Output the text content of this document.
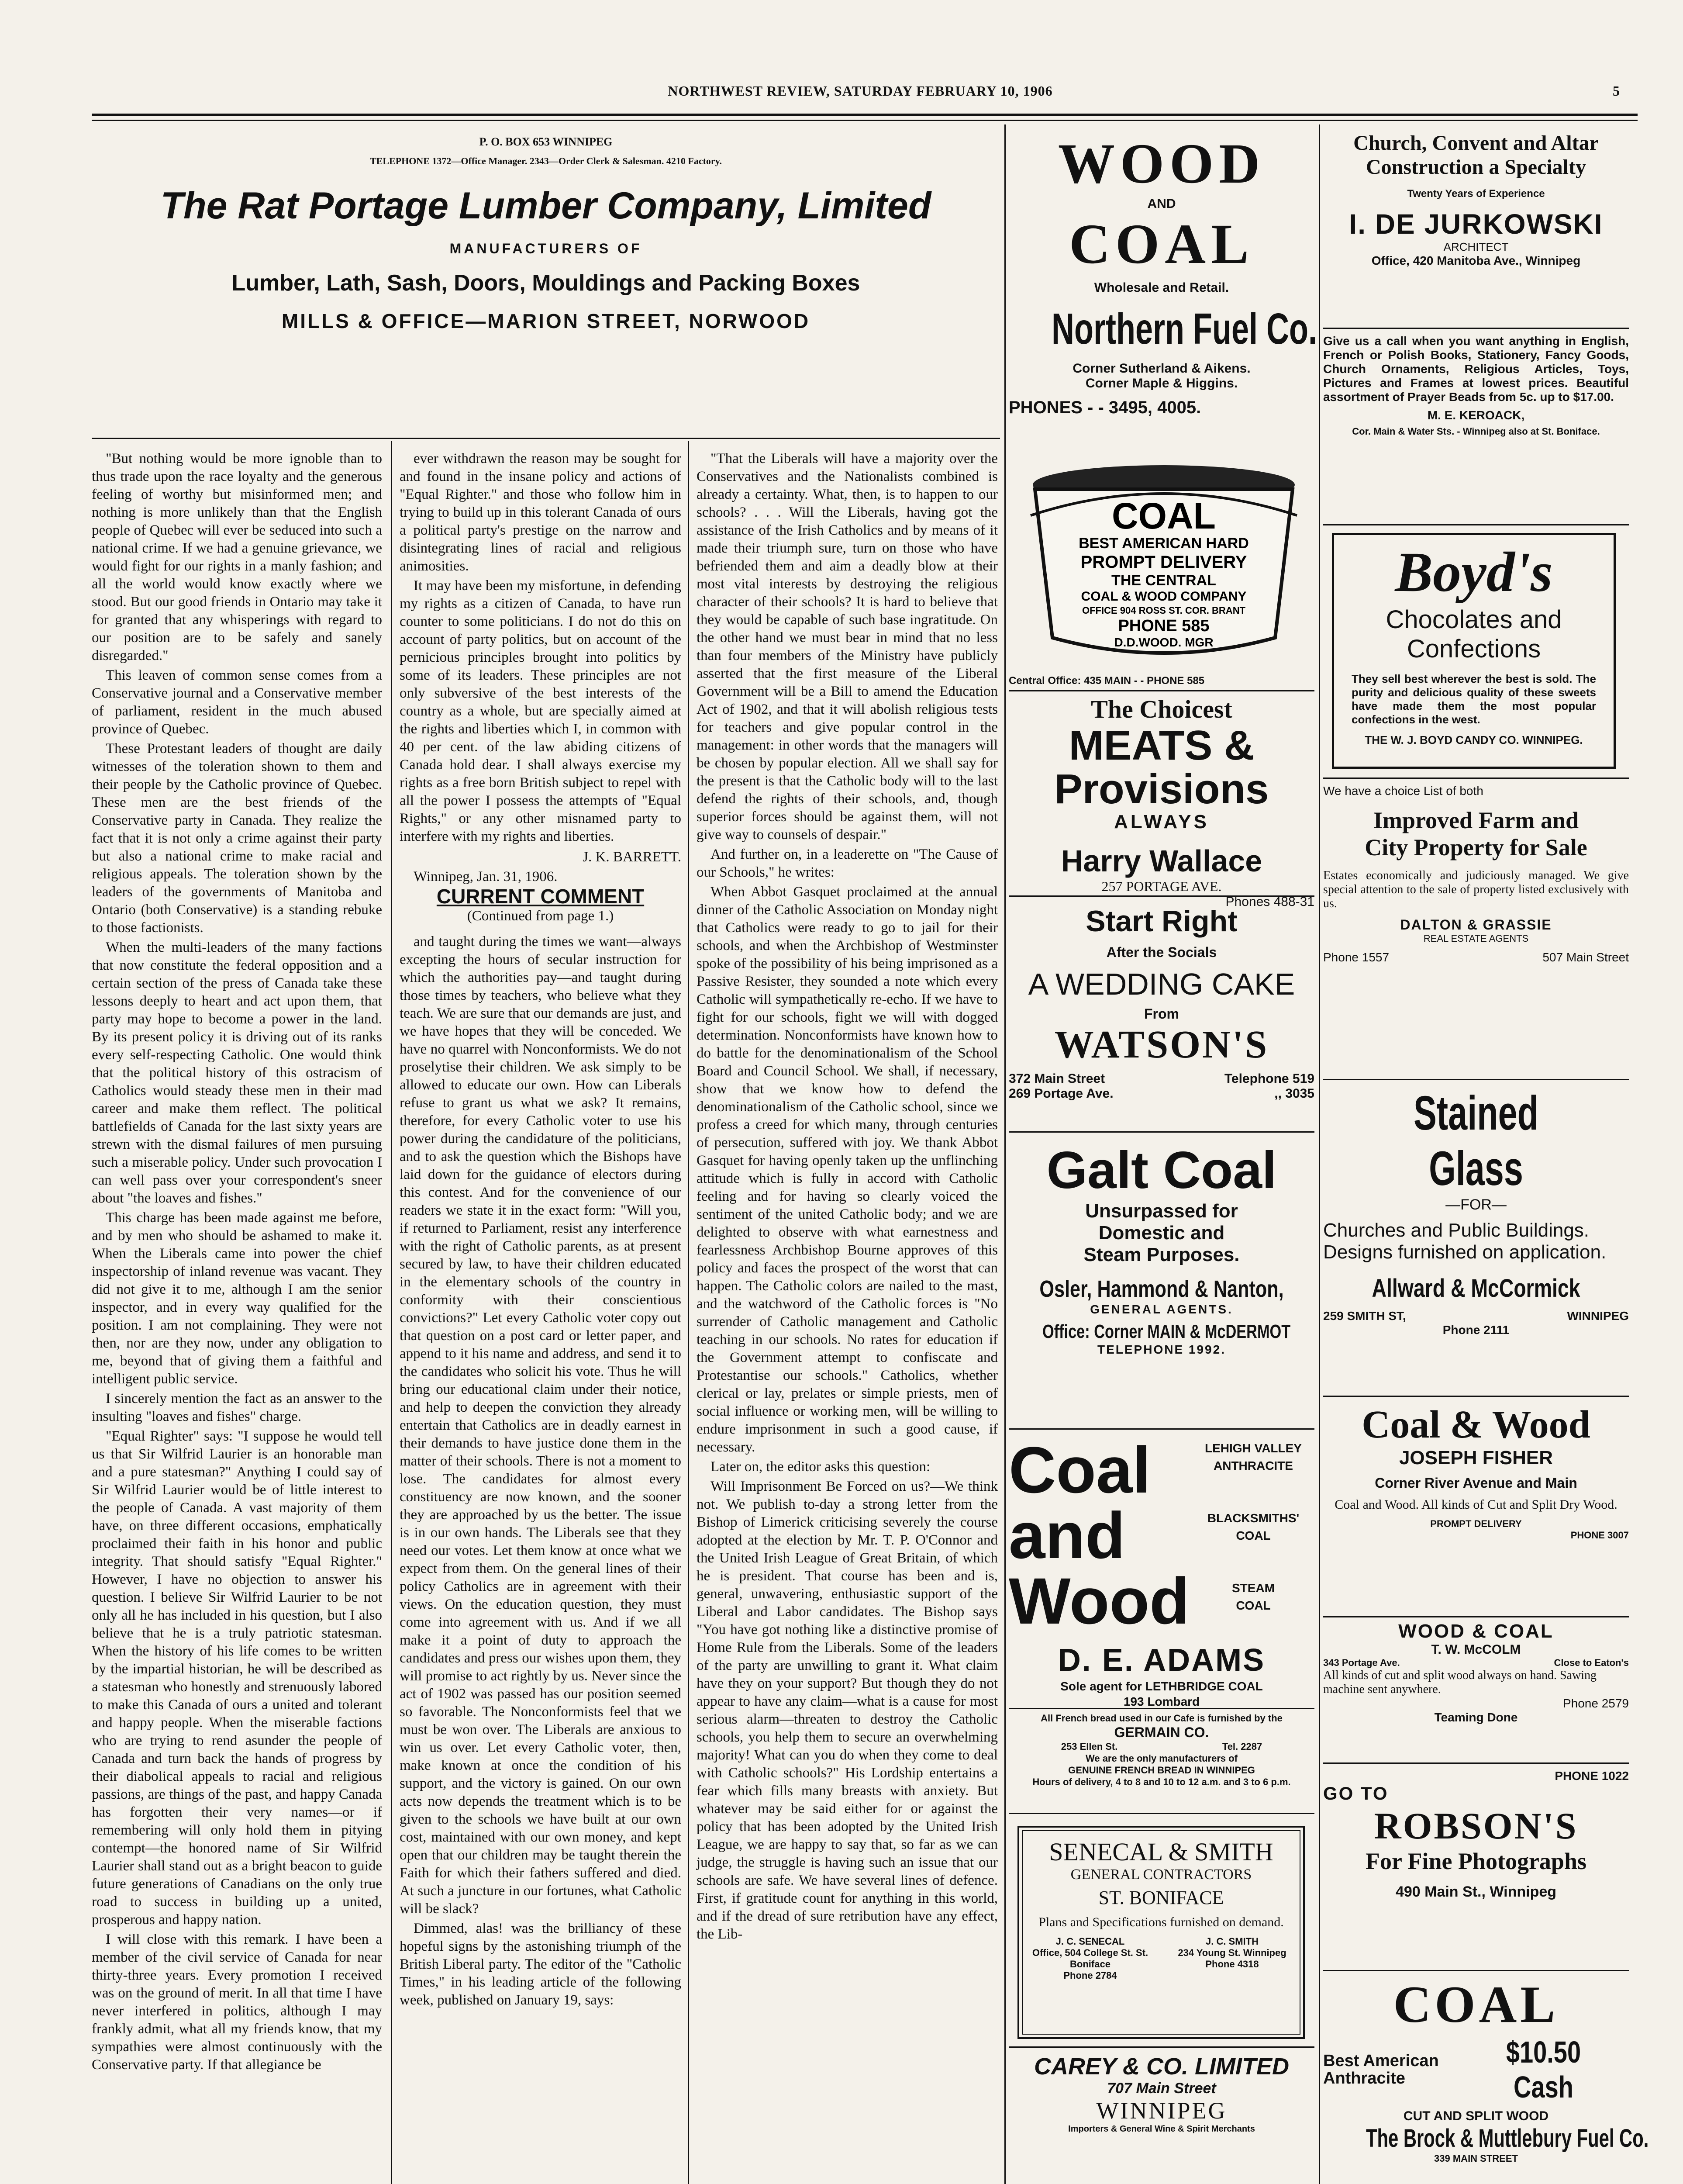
NORTHWEST REVIEW, SATURDAY FEBRUARY 10, 1906	5
P. O. BOX 653 WINNIPEG
TELEPHONE 1372—Office Manager. 2343—Order Clerk & Salesman. 4210 Factory.
The Rat Portage Lumber Company, Limited
MANUFACTURERS OF
Lumber, Lath, Sash, Doors, Mouldings and Packing Boxes
MILLS & OFFICE—MARION STREET, NORWOOD

"But nothing would be more ignoble than to thus trade upon the race loyalty and the generous feeling of worthy but misinformed men; and nothing is more unlikely than that the English people of Quebec will ever be seduced into such a national crime. If we had a genuine grievance, we would fight for our rights in a manly fashion; and all the world would know exactly where we stood. But our good friends in Ontario may take it for granted that any whisperings with regard to our position are to be safely and sanely disregarded."

This leaven of common sense comes from a Conservative journal and a Conservative member of parliament, resident in the much abused province of Quebec.

These Protestant leaders of thought are daily witnesses of the toleration shown to them and their people by the Catholic province of Quebec. These men are the best friends of the Conservative party in Canada. They realize the fact that it is not only a crime against their party but also a national crime to make racial and religious appeals. The toleration shown by the leaders of the governments of Manitoba and Ontario (both Conservative) is a standing rebuke to those factionists.

When the multi-leaders of the many factions that now constitute the federal opposition and a certain section of the press of Canada take these lessons deeply to heart and act upon them, that party may hope to become a power in the land. By its present policy it is driving out of its ranks every self-respecting Catholic. One would think that the political history of this ostracism of Catholics would steady these men in their mad career and make them reflect. The political battlefields of Canada for the last sixty years are strewn with the dismal failures of men pursuing such a miserable policy. Under such provocation I can well pass over your correspondent's sneer about "the loaves and fishes."

This charge has been made against me before, and by men who should be ashamed to make it. When the Liberals came into power the chief inspectorship of inland revenue was vacant. They did not give it to me, although I am the senior inspector, and in every way qualified for the position. I am not complaining. They were not then, nor are they now, under any obligation to me, beyond that of giving them a faithful and intelligent public service.

I sincerely mention the fact as an answer to the insulting "loaves and fishes" charge.

"Equal Righter" says: "I suppose he would tell us that Sir Wilfrid Laurier is an honorable man and a pure statesman?" Anything I could say of Sir Wilfrid Laurier would be of little interest to the people of Canada. A vast majority of them have, on three different occasions, emphatically proclaimed their faith in his honor and public integrity. That should satisfy "Equal Righter." However, I have no objection to answer his question. I believe Sir Wilfrid Laurier to be not only all he has included in his question, but I also believe that he is a truly patriotic statesman. When the history of his life comes to be written by the impartial historian, he will be described as a statesman who honestly and strenuously labored to make this Canada of ours a united and tolerant and happy people. When the miserable factions who are trying to rend asunder the people of Canada and turn back the hands of progress by their diabolical appeals to racial and religious passions, are things of the past, and happy Canada has forgotten their very names—or if remembering will only hold them in pitying contempt—the honored name of Sir Wilfrid Laurier shall stand out as a bright beacon to guide future generations of Canadians on the only true road to success in building up a united, prosperous and happy nation.

I will close with this remark. I have been a member of the civil service of Canada for near thirty-three years. Every promotion I received was on the ground of merit. In all that time I have never interfered in politics, although I may frankly admit, what all my friends know, that my sympathies were almost continuously with the Conservative party. If that allegiance be

ever withdrawn the reason may be sought for and found in the insane policy and actions of "Equal Righter." and those who follow him in trying to build up in this tolerant Canada of ours a political party's prestige on the narrow and disintegrating lines of racial and religious animosities.

It may have been my misfortune, in defending my rights as a citizen of Canada, to have run counter to some politicians. I do not do this on account of party politics, but on account of the pernicious principles brought into politics by some of its leaders. These principles are not only subversive of the best interests of the country as a whole, but are specially aimed at the rights and liberties which I, in common with 40 per cent. of the law abiding citizens of Canada hold dear. I shall always exercise my rights as a free born British subject to repel with all the power I possess the attempts of "Equal Rights," or any other misnamed party to interfere with my rights and liberties.

J. K. BARRETT.

Winnipeg, Jan. 31, 1906.

CURRENT COMMENT

(Continued from page 1.)

and taught during the times we want—always excepting the hours of secular instruction for which the authorities pay—and taught during those times by teachers, who believe what they teach. We are sure that our demands are just, and we have hopes that they will be conceded. We have no quarrel with Nonconformists. We do not proselytise their children. We ask simply to be allowed to educate our own. How can Liberals refuse to grant us what we ask? It remains, therefore, for every Catholic voter to use his power during the candidature of the politicians, and to ask the question which the Bishops have laid down for the guidance of electors during this contest. And for the convenience of our readers we state it in the exact form: "Will you, if returned to Parliament, resist any interference with the right of Catholic parents, as at present secured by law, to have their children educated in the elementary schools of the country in conformity with their conscientious convictions?" Let every Catholic voter copy out that question on a post card or letter paper, and append to it his name and address, and send it to the candidates who solicit his vote. Thus he will bring our educational claim under their notice, and help to deepen the conviction they already entertain that Catholics are in deadly earnest in their demands to have justice done them in the matter of their schools. There is not a moment to lose. The candidates for almost every constituency are now known, and the sooner they are approached by us the better. The issue is in our own hands. The Liberals see that they need our votes. Let them know at once what we expect from them. On the general lines of their policy Catholics are in agreement with their views. On the education question, they must come into agreement with us. And if we all make it a point of duty to approach the candidates and press our wishes upon them, they will promise to act rightly by us. Never since the act of 1902 was passed has our position seemed so favorable. The Nonconformists feel that we must be won over. The Liberals are anxious to win us over. Let every Catholic voter, then, make known at once the condition of his support, and the victory is gained. On our own acts now depends the treatment which is to be given to the schools we have built at our own cost, maintained with our own money, and kept open that our children may be taught therein the Faith for which their fathers suffered and died. At such a juncture in our fortunes, what Catholic will be slack?

Dimmed, alas! was the brilliancy of these hopeful signs by the astonishing triumph of the British Liberal party. The editor of the "Catholic Times," in his leading article of the following week, published on January 19, says:

"That the Liberals will have a majority over the Conservatives and the Nationalists combined is already a certainty. What, then, is to happen to our schools? . . . Will the Liberals, having got the assistance of the Irish Catholics and by means of it made their triumph sure, turn on those who have befriended them and aim a deadly blow at their most vital interests by destroying the religious character of their schools? It is hard to believe that they would be capable of such base ingratitude. On the other hand we must bear in mind that no less than four members of the Ministry have publicly asserted that the first measure of the Liberal Government will be a Bill to amend the Education Act of 1902, and that it will abolish religious tests for teachers and give popular control in the management: in other words that the managers will be chosen by popular election. All we shall say for the present is that the Catholic body will to the last defend the rights of their schools, and, though superior forces should be against them, will not give way to counsels of despair."

And further on, in a leaderette on "The Cause of our Schools," he writes:

When Abbot Gasquet proclaimed at the annual dinner of the Catholic Association on Monday night that Catholics were ready to go to jail for their schools, and when the Archbishop of Westminster spoke of the possibility of his being imprisoned as a Passive Resister, they sounded a note which every Catholic will sympathetically re-echo. If we have to fight for our schools, fight we will with dogged determination. Nonconformists have known how to do battle for the denominationalism of the School Board and Council School. We shall, if necessary, show that we know how to defend the denominationalism of the Catholic school, since we profess a creed for which many, through centuries of persecution, suffered with joy. We thank Abbot Gasquet for having openly taken up the unflinching attitude which is fully in accord with Catholic feeling and for having so clearly voiced the sentiment of the united Catholic body; and we are delighted to observe with what earnestness and fearlessness Archbishop Bourne approves of this policy and faces the prospect of the worst that can happen. The Catholic colors are nailed to the mast, and the watchword of the Catholic forces is "No surrender of Catholic management and Catholic teaching in our schools. No rates for education if the Government attempt to confiscate and Protestantise our schools." Catholics, whether clerical or lay, prelates or simple priests, men of social influence or working men, will be willing to endure imprisonment in such a good cause, if necessary.

Later on, the editor asks this question:

Will Imprisonment Be Forced on us?—We think not. We publish to-day a strong letter from the Bishop of Limerick criticising severely the course adopted at the election by Mr. T. P. O'Connor and the United Irish League of Great Britain, of which he is president. That course has been and is, general, unwavering, enthusiastic support of the Liberal and Labor candidates. The Bishop says "You have got nothing like a distinctive promise of Home Rule from the Liberals. Some of the leaders of the party are unwilling to grant it. What claim have they on your support? But though they do not appear to have any claim—what is a cause for most serious alarm—threaten to destroy the Catholic schools, you help them to secure an overwhelming majority! What can you do when they come to deal with Catholic schools?" His Lordship entertains a fear which fills many breasts with anxiety. But whatever may be said either for or against the policy that has been adopted by the United Irish League, we are happy to say that, so far as we can judge, the struggle is having such an issue that our schools are safe. We have several lines of defence. First, if gratitude count for anything in this world, and if the dread of sure retribution have any effect, the Lib-

WOOD
AND
COAL
Wholesale and Retail.
Northern Fuel Co.
Corner Sutherland & Aikens.
Corner Maple & Higgins.
PHONES - - 3495, 4005.
COAL
BEST AMERICAN HARD
PROMPT DELIVERY
THE CENTRAL
COAL & WOOD COMPANY
OFFICE 904 ROSS ST. COR. BRANT
PHONE 585
D.D.WOOD. MGR
Central Office: 435 MAIN - - PHONE 585
The Choicest
MEATS &
Provisions
ALWAYS
Harry Wallace
257 PORTAGE AVE.
Phones 488-31
Start Right
After the Socials
A WEDDING CAKE
From
WATSON'S
372 Main Street	Telephone 519
269 Portage Ave.	,, 3035
Galt Coal
Unsurpassed for
Domestic and
Steam Purposes.
Osler, Hammond & Nanton,
GENERAL AGENTS.
Office: Corner MAIN & McDERMOT
TELEPHONE 1992.
Coal
and
Wood
LEHIGH VALLEY
ANTHRACITE
BLACKSMITHS'
COAL
STEAM
COAL
D. E. ADAMS
Sole agent for LETHBRIDGE COAL
193 Lombard
All French bread used in our Cafe is furnished by the
GERMAIN CO.
253 Ellen St.	Tel. 2287
We are the only manufacturers of
GENUINE FRENCH BREAD IN WINNIPEG
Hours of delivery, 4 to 8 and 10 to 12 a.m. and 3 to 6 p.m.
SENECAL & SMITH
GENERAL CONTRACTORS
ST. BONIFACE
Plans and Specifications furnished on demand.
J. C. SENECAL
Office, 504 College St. St. Boniface
Phone 2784
J. C. SMITH
234 Young St. Winnipeg
Phone 4318
CAREY & CO. LIMITED
707 Main Street
WINNIPEG
Importers & General Wine & Spirit Merchants
Church, Convent and Altar
Construction a Specialty
Twenty Years of Experience
I. DE JURKOWSKI
ARCHITECT
Office, 420 Manitoba Ave., Winnipeg
Give us a call when you want anything in English, French or Polish Books, Stationery, Fancy Goods, Church Ornaments, Religious Articles, Toys, Pictures and Frames at lowest prices. Beautiful assortment of Prayer Beads from 5c. up to $17.00.
M. E. KEROACK,
Cor. Main & Water Sts. - Winnipeg also at St. Boniface.
Boyd's
Chocolates and
Confections
They sell best wherever the best is sold. The purity and delicious quality of these sweets have made them the most popular confections in the west.
THE W. J. BOYD CANDY CO. WINNIPEG.
We have a choice List of both
Improved Farm and
City Property for Sale
Estates economically and judiciously managed. We give special attention to the sale of property listed exclusively with us.
DALTON & GRASSIE
REAL ESTATE AGENTS
Phone 1557	507 Main Street
Stained Glass
—FOR—
Churches and Public Buildings. Designs furnished on application.
Allward & McCormick
259 SMITH ST,	WINNIPEG
Phone 2111
Coal & Wood
JOSEPH FISHER
Corner River Avenue and Main
Coal and Wood. All kinds of Cut and Split Dry Wood.
PROMPT DELIVERY
PHONE 3007
WOOD & COAL
T. W. McCOLM
343 Portage Ave.	Close to Eaton's
All kinds of cut and split wood always on hand. Sawing machine sent anywhere.
Phone 2579
Teaming Done
PHONE 1022
GO TO
ROBSON'S
For Fine Photographs
490 Main St., Winnipeg
COAL
Best American Anthracite
$10.50 Cash
CUT AND SPLIT WOOD
The Brock & Muttlebury Fuel Co.
339 MAIN STREET
